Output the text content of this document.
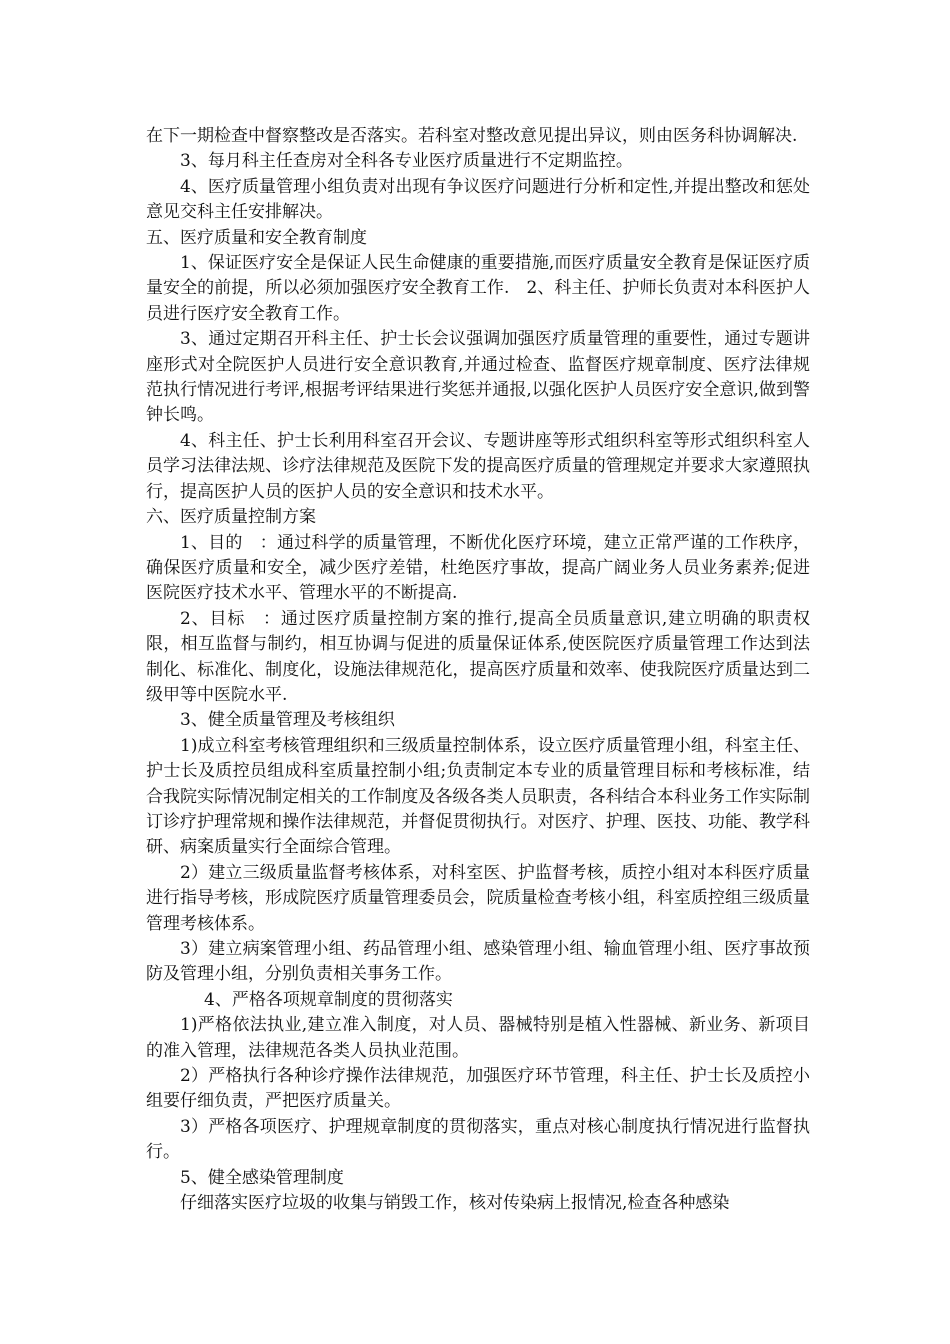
在下一期检查中督察整改是否落实。若科室对整改意见提出异议，则由医务科协调解决.

3、每月科主任查房对全科各专业医疗质量进行不定期监控。

4、医疗质量管理小组负责对出现有争议医疗问题进行分析和定性,并提出整改和惩处意见交科主任安排解决。

五、医疗质量和安全教育制度

1、保证医疗安全是保证人民生命健康的重要措施,而医疗质量安全教育是保证医疗质量安全的前提，所以必须加强医疗安全教育工作.　2、科主任、护师长负责对本科医护人员进行医疗安全教育工作。

3、通过定期召开科主任、护士长会议强调加强医疗质量管理的重要性，通过专题讲座形式对全院医护人员进行安全意识教育,并通过检查、监督医疗规章制度、医疗法律规范执行情况进行考评,根据考评结果进行奖惩并通报,以强化医护人员医疗安全意识,做到警钟长鸣。

4、科主任、护士长利用科室召开会议、专题讲座等形式组织科室等形式组织科室人员学习法律法规、诊疗法律规范及医院下发的提高医疗质量的管理规定并要求大家遵照执行，提高医护人员的医护人员的安全意识和技术水平。

六、医疗质量控制方案

1、目的　：通过科学的质量管理，不断优化医疗环境，建立正常严谨的工作秩序，确保医疗质量和安全，减少医疗差错，杜绝医疗事故，提高广阔业务人员业务素养;促进医院医疗技术水平、管理水平的不断提高.

2、目标　：通过医疗质量控制方案的推行,提高全员质量意识,建立明确的职责权限，相互监督与制约，相互协调与促进的质量保证体系,使医院医疗质量管理工作达到法制化、标准化、制度化，设施法律规范化，提高医疗质量和效率、使我院医疗质量达到二级甲等中医院水平.

3、健全质量管理及考核组织

1)成立科室考核管理组织和三级质量控制体系，设立医疗质量管理小组，科室主任、护士长及质控员组成科室质量控制小组;负责制定本专业的质量管理目标和考核标准，结合我院实际情况制定相关的工作制度及各级各类人员职责，各科结合本科业务工作实际制订诊疗护理常规和操作法律规范，并督促贯彻执行。对医疗、护理、医技、功能、教学科研、病案质量实行全面综合管理。

2）建立三级质量监督考核体系，对科室医、护监督考核，质控小组对本科医疗质量进行指导考核，形成院医疗质量管理委员会，院质量检查考核小组，科室质控组三级质量管理考核体系。

3）建立病案管理小组、药品管理小组、感染管理小组、输血管理小组、医疗事故预防及管理小组，分别负责相关事务工作。

4、严格各项规章制度的贯彻落实

1)严格依法执业,建立准入制度，对人员、器械特别是植入性器械、新业务、新项目的准入管理，法律规范各类人员执业范围。

2）严格执行各种诊疗操作法律规范，加强医疗环节管理，科主任、护士长及质控小组要仔细负责，严把医疗质量关。

3）严格各项医疗、护理规章制度的贯彻落实，重点对核心制度执行情况进行监督执行。

5、健全感染管理制度

仔细落实医疗垃圾的收集与销毁工作，核对传染病上报情况,检查各种感染
